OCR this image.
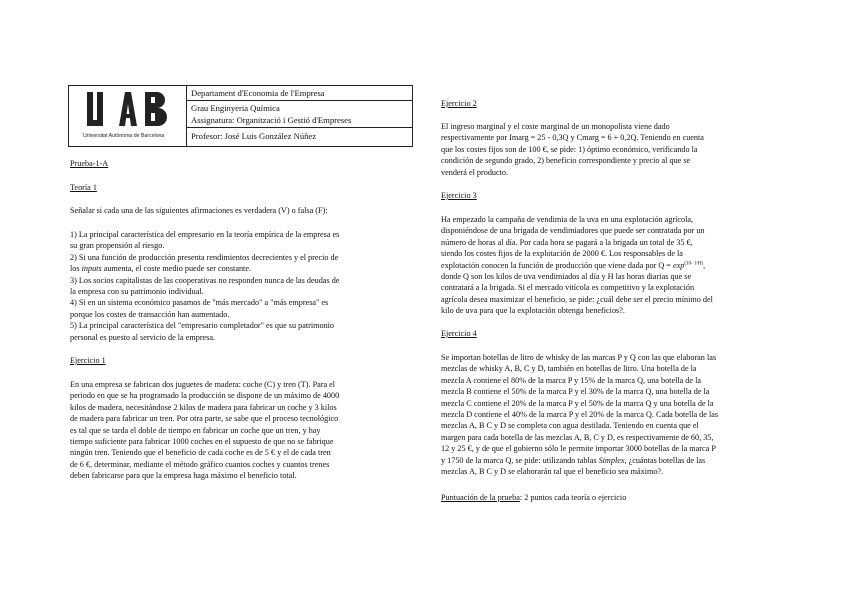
Universitat Autònoma de Barcelona
Departament d'Economia de l'Empresa
Grau Enginyeria Química
Assignatura: Organització i Gestió d'Empreses
Profesor: José Luis González Núñez

Prueba-1-A

Teoría 1

Señalar si cada una de las siguientes afirmaciones es verdadera (V) o falsa (F):

1) La principal característica del empresario en la teoría empírica de la empresa es

su gran propensión al riesgo.

2) Si una función de producción presenta rendimientos decrecientes y el precio de

los inputs aumenta, el coste medio puede ser constante.

3) Los socios capitalistas de las cooperativas no responden nunca de las deudas de

la empresa con su patrimonio individual.

4) Si en un sistema económico pasamos de "más mercado" a "más empresa" es

porque los costes de transacción han aumentado.

5) La principal característica del "empresario completador" es que su patrimonio

personal es puesto al servicio de la empresa.

Ejercicio 1

En una empresa se fabrican dos juguetes de madera: coche (C) y tren (T). Para el

periodo en que se ha programado la producción se dispone de un máximo de 4000

kilos de madera, necesitándose 2 kilos de madera para fabricar un coche y 3 kilos

de madera para fabricar un tren. Por otra parte, se sabe que el proceso tecnológico

es tal que se tarda el doble de tiempo en fabricar un coche que un tren, y hay

tiempo suficiente para fabricar 1000 coches en el supuesto de que no se fabrique

ningún tren. Teniendo que el beneficio de cada coche es de 5 € y el de cada tren

de 6 €, determinar, mediante el método gráfico cuantos coches y cuantos trenes

deben fabricarse para que la empresa haga máximo el beneficio total.

Ejercicio 2

El ingreso marginal y el coste marginal de un monopolista viene dado

respectivamente por Imarg = 25 - 0,3Q y Cmarg = 6 + 0,2Q. Teniendo en cuenta

que los costes fijos son de 100 €, se pide: 1) óptimo económico, verificando la

condición de segundo grado, 2) beneficio correspondiente y precio al que se

venderá el producto.

Ejercicio 3

Ha empezado la campaña de vendimia de la uva en una explotación agrícola,

disponiéndose de una brigada de vendimiadores que puede ser contratada por un

número de horas al día. Por cada hora se pagará a la brigada un total de 35 €,

siendo los costes fijos de la explotación de 2000 €. Los responsables de la

explotación conocen la función de producción que viene dada por $Q = \exp^{(10- 1/H)}$,

donde Q son los kilos de uva vendimiados al día y H las horas diarias que se

contratará a la brigada. Si el mercado vitícola es competitivo y la explotación

agrícola desea maximizar el beneficio, se pide: ¿cuál debe ser el precio mínimo del

kilo de uva para que la explotación obtenga beneficios?.

Ejercicio 4

Se importan botellas de litro de whisky de las marcas P y Q con las que elaboran las

mezclas de whisky A, B, C y D, también en botellas de litro. Una botella de la

mezcla A contiene el 80% de la marca P y 15% de la marca Q, una botella de la

mezcla B contiene el 50% de la marca P y el 30% de la marca Q, una botella de la

mezcla C contiene el 20% de la marca P y el 50% de la marca Q y una botella de la

mezcla D contiene el 40% de la marca P y el 20% de la marca Q. Cada botella de las

mezclas A, B C y D se completa con agua destilada. Teniendo en cuenta que el

margen para cada botella de las mezclas A, B, C y D, es respectivamente de 60, 35,

12 y 25 €, y de que el gobierno sólo le permite importar 3000 botellas de la marca P

y 1750 de la marca Q, se pide: utilizando tablas Simplex, ¿cuántas botellas de las

mezclas A, B C y D se elaborarán tal que el beneficio sea máximo?.

Puntuación de la prueba: 2 puntos cada teoría o ejercicio
